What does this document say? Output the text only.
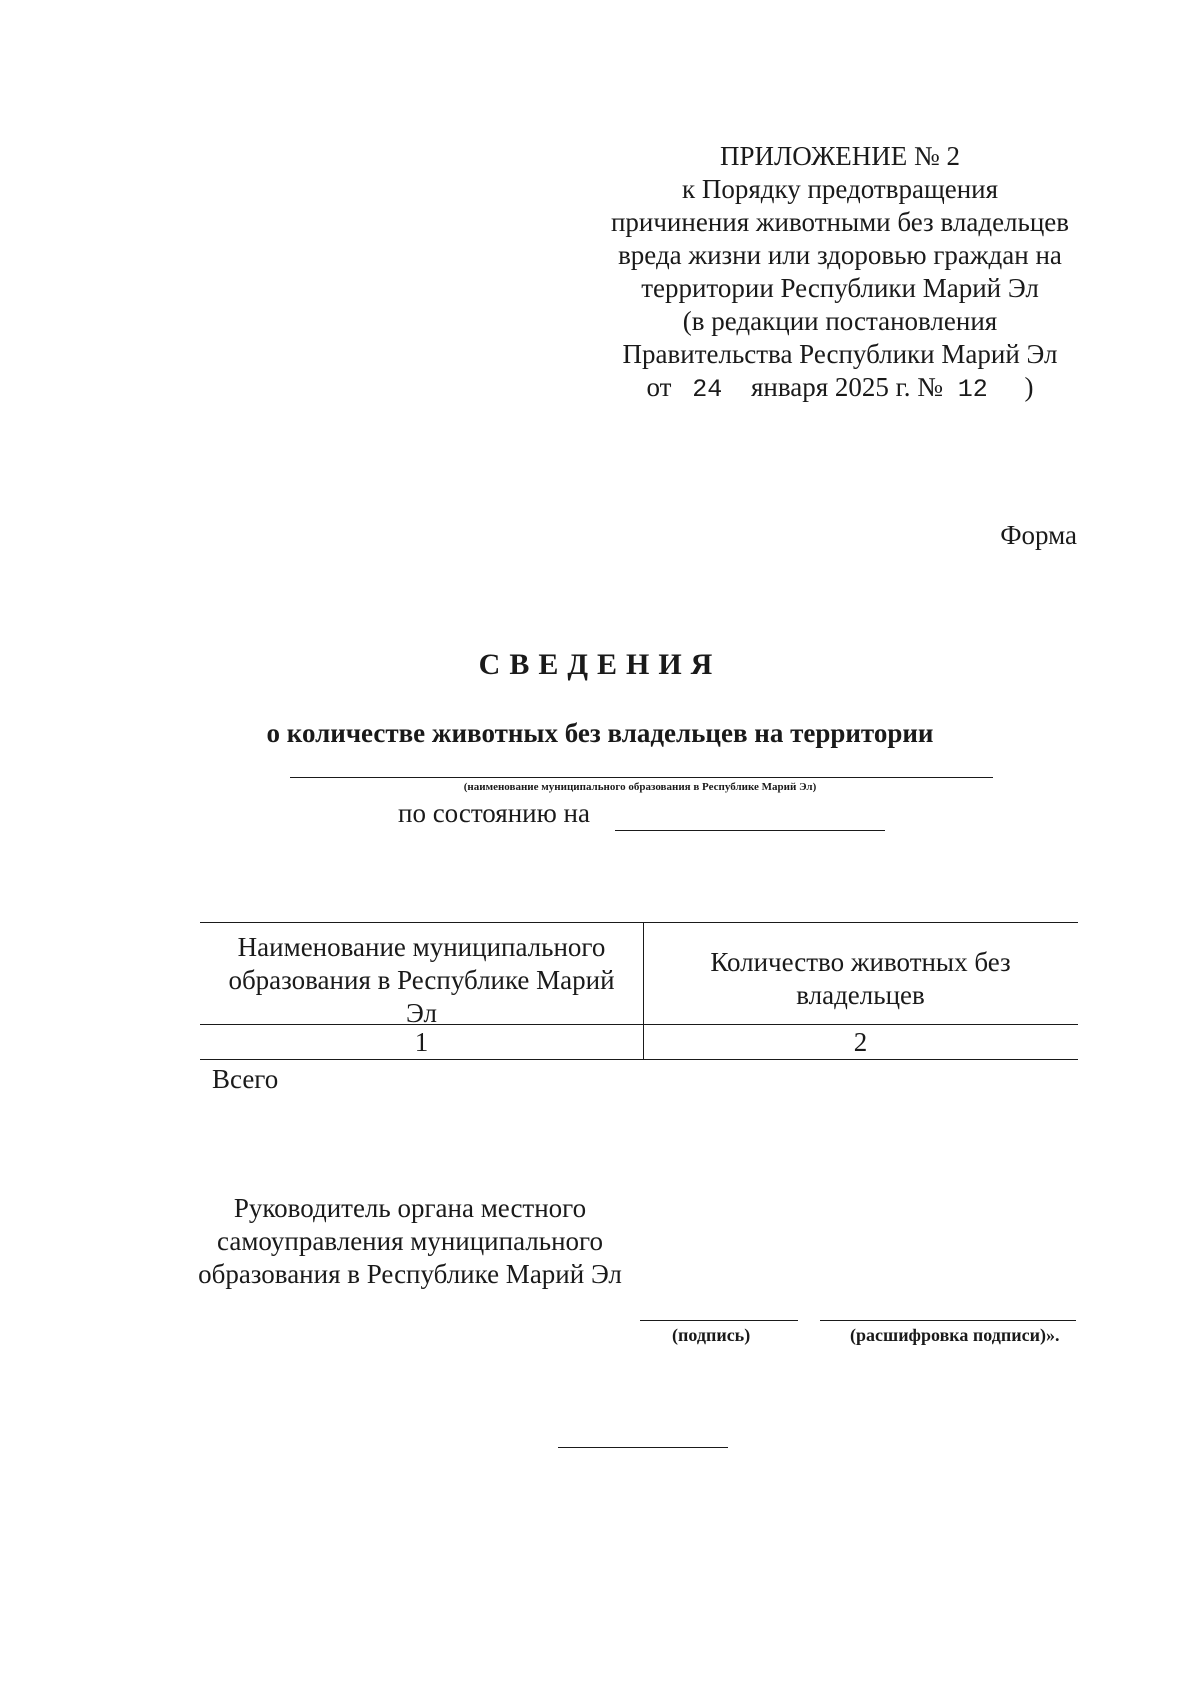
ПРИЛОЖЕНИЕ № 2
к Порядку предотвращения
причинения животными без владельцев
вреда жизни или здоровью граждан на
территории Республики Марий Эл
(в редакции постановления
Правительства Республики Марий Эл
от 24 января 2025 г. № 12 )
Форма
СВЕДЕНИЯ
о количестве животных без владельцев на территории
(наименование муниципального образования в Республике Марий Эл)
по состоянию на
Наименование муниципального образования в Республике Марий Эл
Количество животных без владельцев
1	2
Всего
Руководитель органа местного самоуправления муниципального образования в Республике Марий Эл
(подпись)	(расшифровка подписи)».
